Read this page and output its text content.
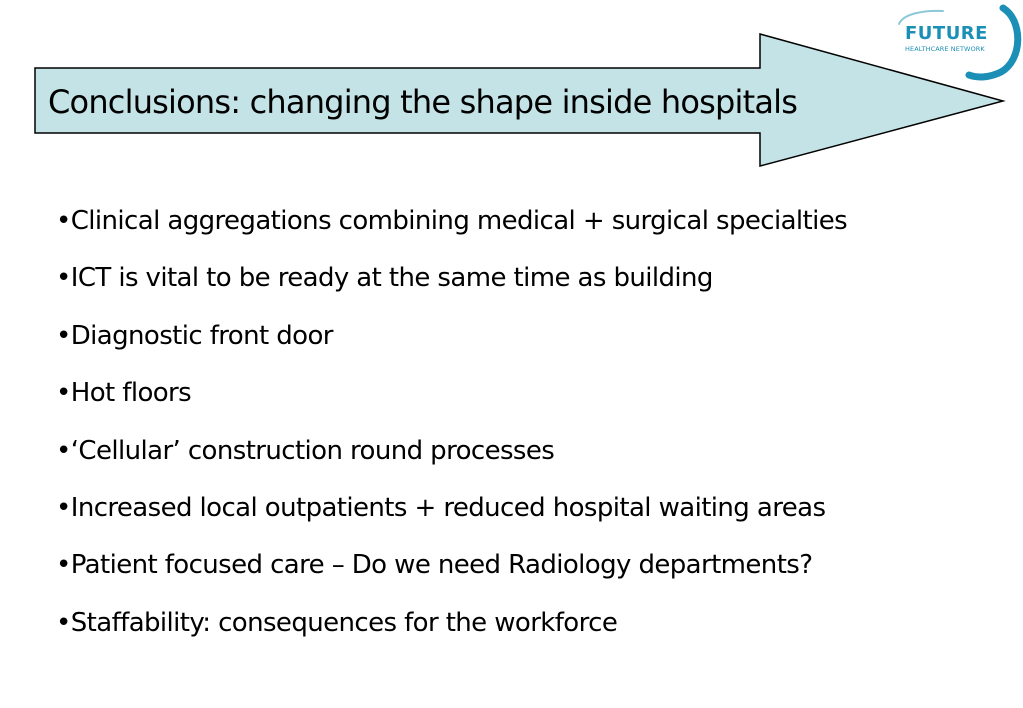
Conclusions: changing the shape inside hospitals
FUTURE
HEALTHCARE NETWORK
•Clinical aggregations combining medical + surgical specialties
•ICT is vital to be ready at the same time as building
•Diagnostic front door
•Hot floors
•‘Cellular’ construction round processes
•Increased local outpatients + reduced hospital waiting areas
•Patient focused care – Do we need Radiology departments?
•Staffability: consequences for the workforce
